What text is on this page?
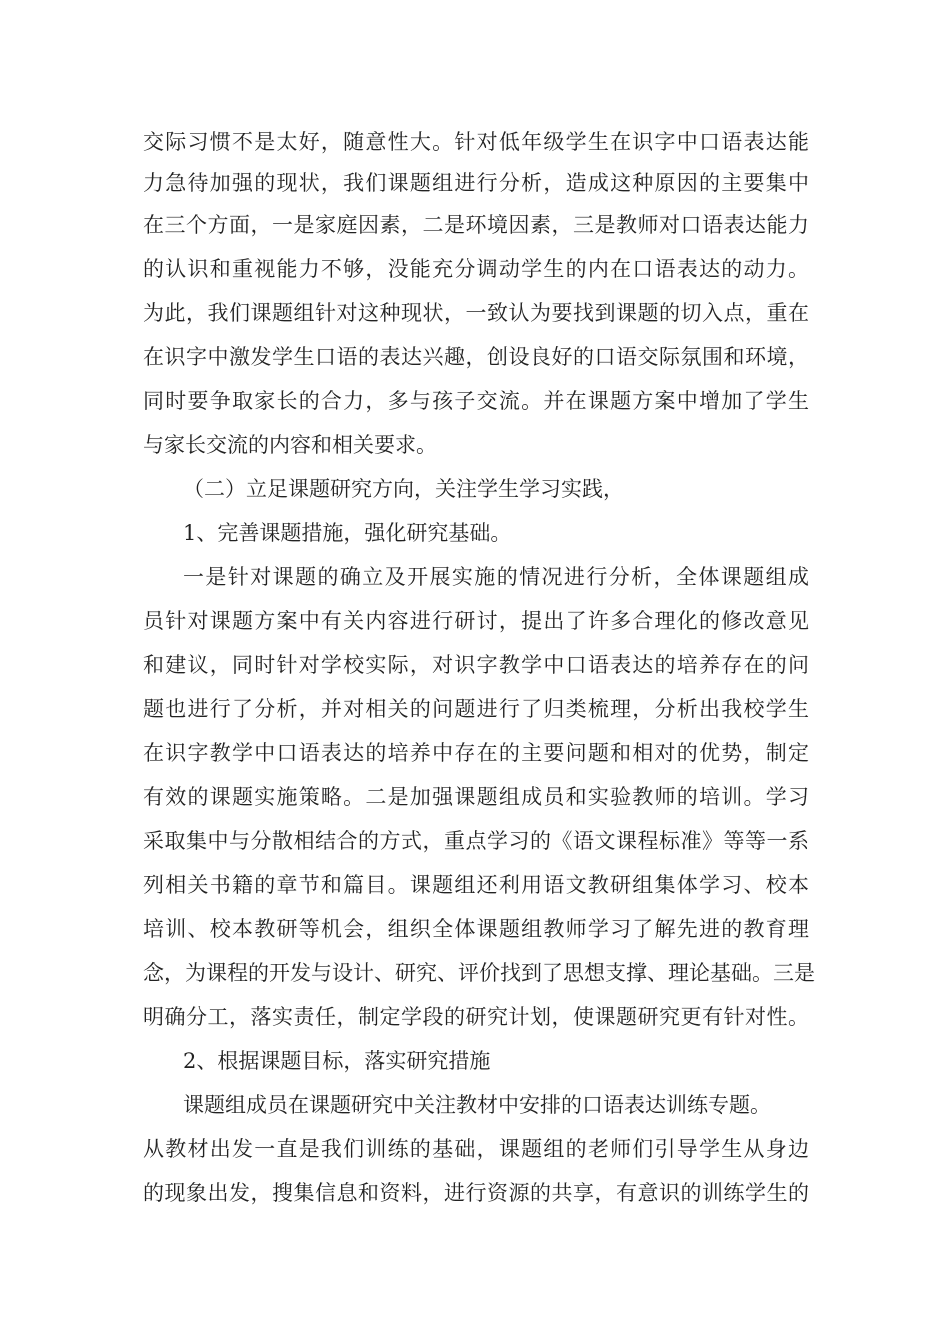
交际习惯不是太好，随意性大。针对低年级学生在识字中口语表达能
力急待加强的现状，我们课题组进行分析，造成这种原因的主要集中
在三个方面，一是家庭因素，二是环境因素，三是教师对口语表达能力
的认识和重视能力不够，没能充分调动学生的内在口语表达的动力。
为此，我们课题组针对这种现状，一致认为要找到课题的切入点，重在
在识字中激发学生口语的表达兴趣，创设良好的口语交际氛围和环境，
同时要争取家长的合力，多与孩子交流。并在课题方案中增加了学生
与家长交流的内容和相关要求。
（二）立足课题研究方向，关注学生学习实践，
1、完善课题措施，强化研究基础。
一是针对课题的确立及开展实施的情况进行分析，全体课题组成
员针对课题方案中有关内容进行研讨，提出了许多合理化的修改意见
和建议，同时针对学校实际，对识字教学中口语表达的培养存在的问
题也进行了分析，并对相关的问题进行了归类梳理，分析出我校学生
在识字教学中口语表达的培养中存在的主要问题和相对的优势，制定
有效的课题实施策略。二是加强课题组成员和实验教师的培训。学习
采取集中与分散相结合的方式，重点学习的《语文课程标准》等等一系
列相关书籍的章节和篇目。课题组还利用语文教研组集体学习、校本
培训、校本教研等机会，组织全体课题组教师学习了解先进的教育理
念，为课程的开发与设计、研究、评价找到了思想支撑、理论基础。三是
明确分工，落实责任，制定学段的研究计划，使课题研究更有针对性。
2、根据课题目标，落实研究措施
课题组成员在课题研究中关注教材中安排的口语表达训练专题。
从教材出发一直是我们训练的基础，课题组的老师们引导学生从身边
的现象出发，搜集信息和资料，进行资源的共享，有意识的训练学生的
